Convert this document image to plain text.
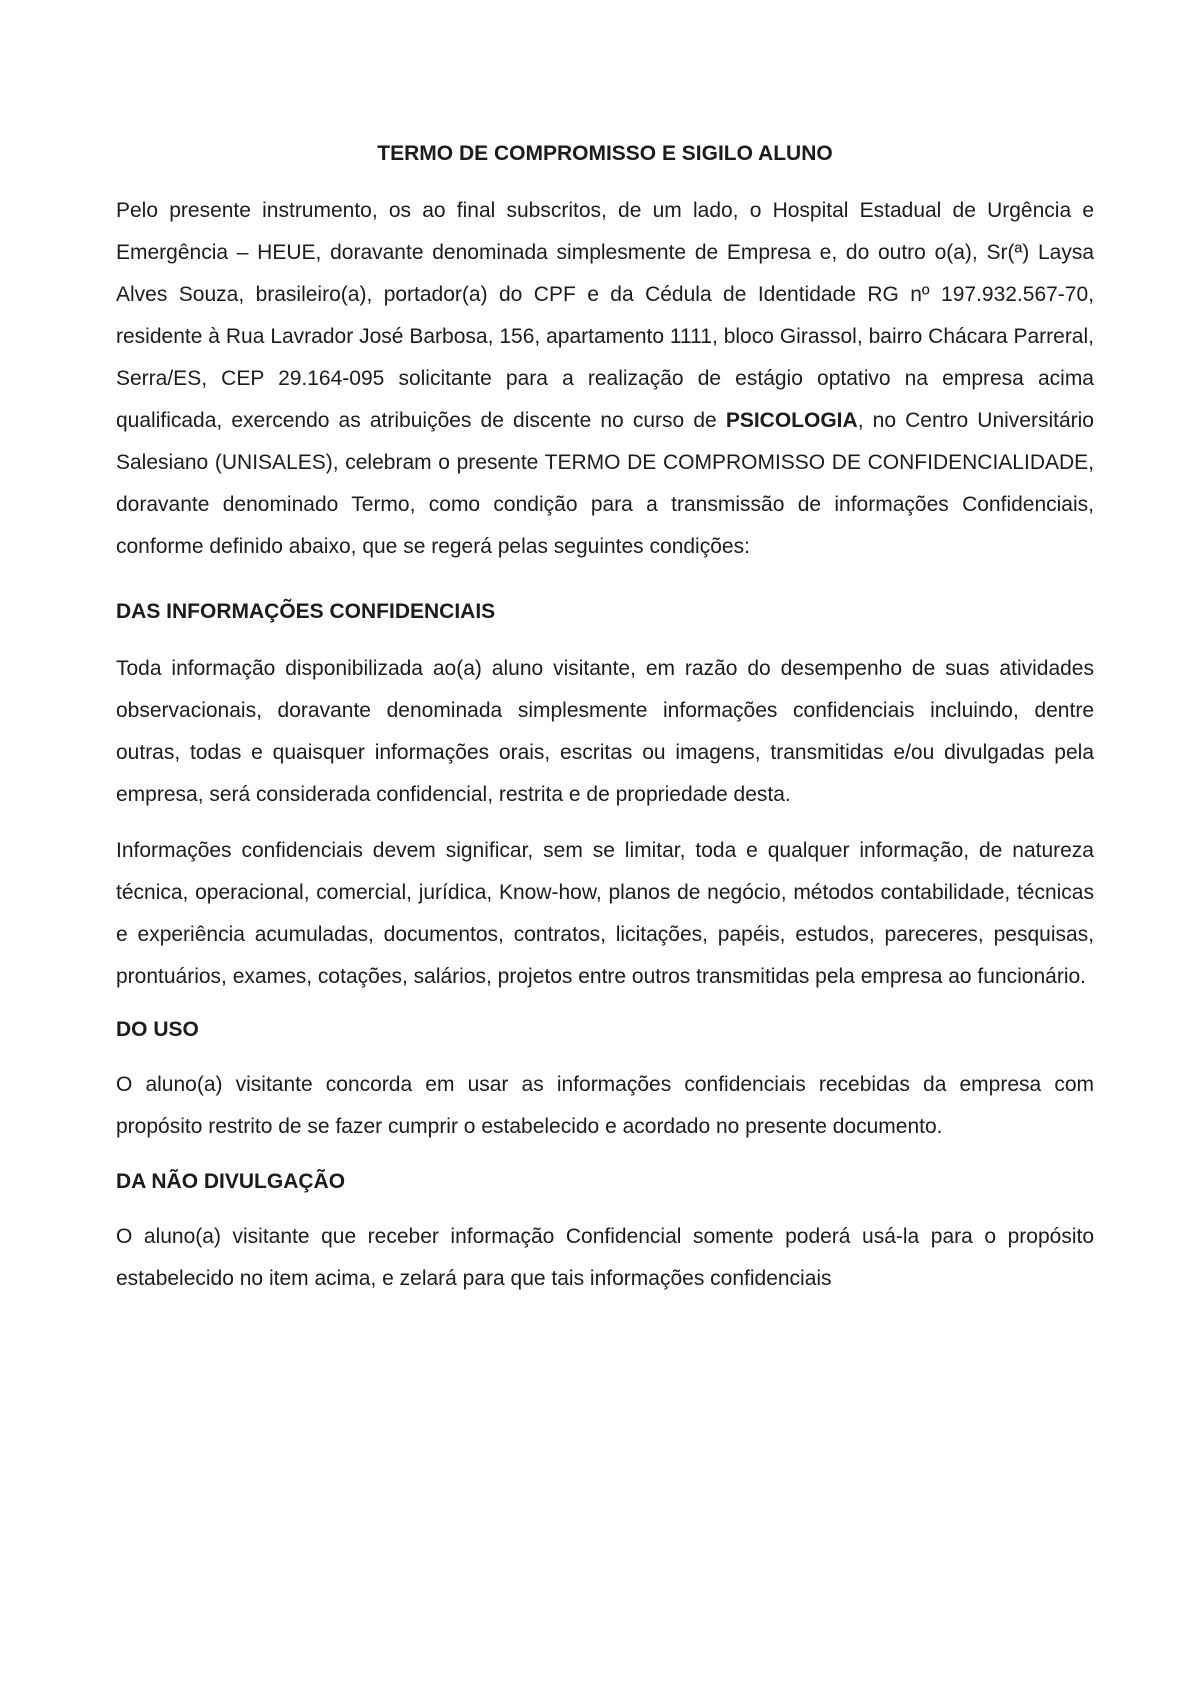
TERMO DE COMPROMISSO E SIGILO ALUNO

Pelo presente instrumento, os ao final subscritos, de um lado, o Hospital Estadual de Urgência e Emergência – HEUE, doravante denominada simplesmente de Empresa e, do outro o(a), Sr(ª) Laysa Alves Souza, brasileiro(a), portador(a) do CPF e da Cédula de Identidade RG nº 197.932.567-70, residente à Rua Lavrador José Barbosa, 156, apartamento 1111, bloco Girassol, bairro Chácara Parreral, Serra/ES, CEP 29.164-095 solicitante para a realização de estágio optativo na empresa acima qualificada, exercendo as atribuições de discente no curso de PSICOLOGIA, no Centro Universitário Salesiano (UNISALES), celebram o presente TERMO DE COMPROMISSO DE CONFIDENCIALIDADE, doravante denominado Termo, como condição para a transmissão de informações Confidenciais, conforme definido abaixo, que se regerá pelas seguintes condições:

DAS INFORMAÇÕES CONFIDENCIAIS

Toda informação disponibilizada ao(a) aluno visitante, em razão do desempenho de suas atividades observacionais, doravante denominada simplesmente informações confidenciais incluindo, dentre outras, todas e quaisquer informações orais, escritas ou imagens, transmitidas e/ou divulgadas pela empresa, será considerada confidencial, restrita e de propriedade desta.

Informações confidenciais devem significar, sem se limitar, toda e qualquer informação, de natureza técnica, operacional, comercial, jurídica, Know-how, planos de negócio, métodos contabilidade, técnicas e experiência acumuladas, documentos, contratos, licitações, papéis, estudos, pareceres, pesquisas, prontuários, exames, cotações, salários, projetos entre outros transmitidas pela empresa ao funcionário.

DO USO

O aluno(a) visitante concorda em usar as informações confidenciais recebidas da empresa com propósito restrito de se fazer cumprir o estabelecido e acordado no presente documento.

DA NÃO DIVULGAÇÃO

O aluno(a) visitante que receber informação Confidencial somente poderá usá-la para o propósito estabelecido no item acima, e zelará para que tais informações confidenciais
